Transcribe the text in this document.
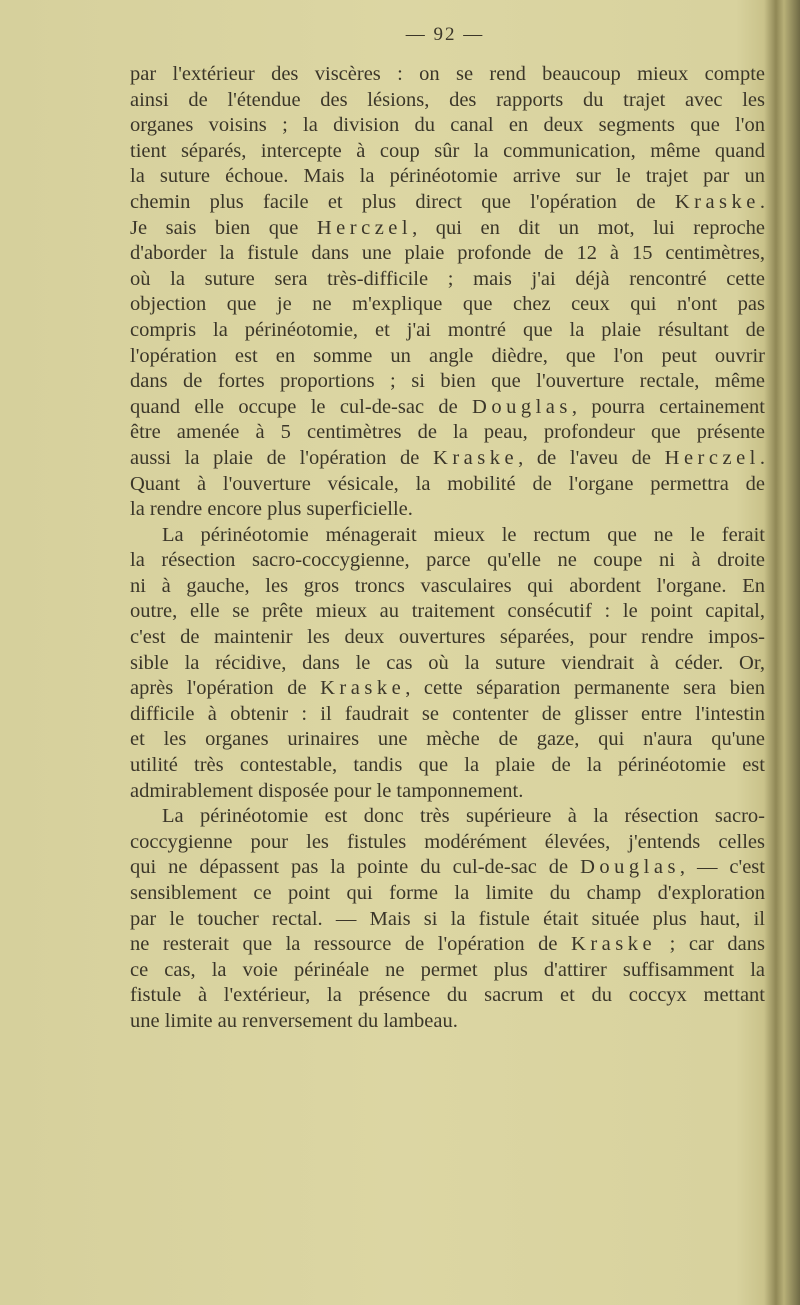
— 92 —
par l'extérieur des viscères : on se rend beaucoup mieux compte
ainsi de l'étendue des lésions, des rapports du trajet avec les
organes voisins ; la division du canal en deux segments que l'on
tient séparés, intercepte à coup sûr la communication, même quand
la suture échoue. Mais la périnéotomie arrive sur le trajet par un
chemin plus facile et plus direct que l'opération de Kraske.
Je sais bien que Herczel, qui en dit un mot, lui reproche
d'aborder la fistule dans une plaie profonde de 12 à 15 centimètres,
où la suture sera très-difficile ; mais j'ai déjà rencontré cette
objection que je ne m'explique que chez ceux qui n'ont pas
compris la périnéotomie, et j'ai montré que la plaie résultant de
l'opération est en somme un angle dièdre, que l'on peut ouvrir
dans de fortes proportions ; si bien que l'ouverture rectale, même
quand elle occupe le cul-de-sac de Douglas, pourra certainement
être amenée à 5 centimètres de la peau, profondeur que présente
aussi la plaie de l'opération de Kraske, de l'aveu de Herczel.
Quant à l'ouverture vésicale, la mobilité de l'organe permettra de
la rendre encore plus superficielle.
La périnéotomie ménagerait mieux le rectum que ne le ferait
la résection sacro-coccygienne, parce qu'elle ne coupe ni à droite
ni à gauche, les gros troncs vasculaires qui abordent l'organe. En
outre, elle se prête mieux au traitement consécutif : le point capital,
c'est de maintenir les deux ouvertures séparées, pour rendre impos-
sible la récidive, dans le cas où la suture viendrait à céder. Or,
après l'opération de Kraske, cette séparation permanente sera bien
difficile à obtenir : il faudrait se contenter de glisser entre l'intestin
et les organes urinaires une mèche de gaze, qui n'aura qu'une
utilité très contestable, tandis que la plaie de la périnéotomie est
admirablement disposée pour le tamponnement.
La périnéotomie est donc très supérieure à la résection sacro-
coccygienne pour les fistules modérément élevées, j'entends celles
qui ne dépassent pas la pointe du cul-de-sac de Douglas, — c'est
sensiblement ce point qui forme la limite du champ d'exploration
par le toucher rectal. — Mais si la fistule était située plus haut, il
ne resterait que la ressource de l'opération de Kraske ; car dans
ce cas, la voie périnéale ne permet plus d'attirer suffisamment la
fistule à l'extérieur, la présence du sacrum et du coccyx mettant
une limite au renversement du lambeau.
